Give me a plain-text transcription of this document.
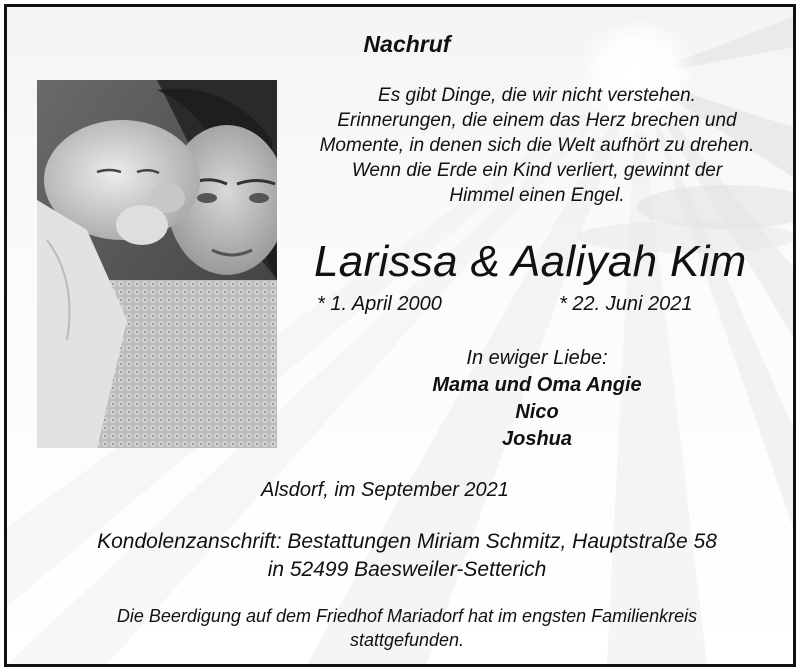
Nachruf
Es gibt Dinge, die wir nicht verstehen.
Erinnerungen, die einem das Herz brechen und
Momente, in denen sich die Welt aufhört zu drehen.
Wenn die Erde ein Kind verliert, gewinnt der
Himmel einen Engel.
Larissa & Aaliyah Kim
* 1. April 2000	* 22. Juni 2021
In ewiger Liebe:
Mama und Oma Angie
Nico
Joshua
Alsdorf, im September 2021
Kondolenzanschrift: Bestattungen Miriam Schmitz, Hauptstraße 58
in 52499 Baesweiler-Setterich
Die Beerdigung auf dem Friedhof Mariadorf hat im engsten Familienkreis
stattgefunden.
